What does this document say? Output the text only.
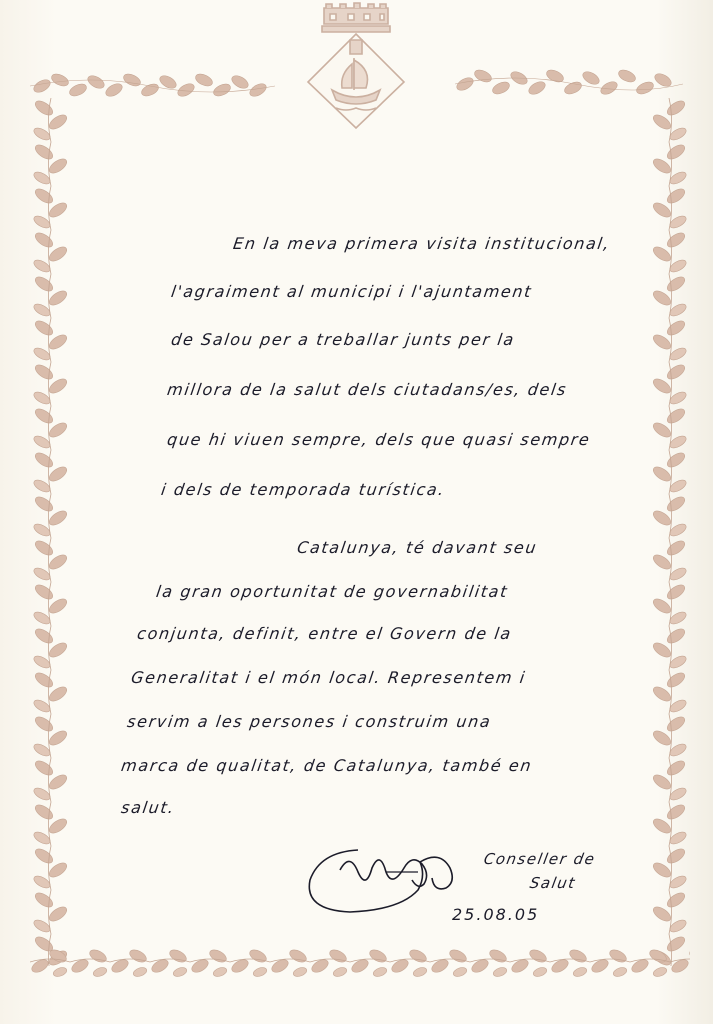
En la meva primera visita institucional,
l'agraiment al municipi i l'ajuntament
de Salou per a treballar junts per la
millora de la salut dels ciutadans/es, dels
que hi viuen sempre, dels que quasi sempre
i dels de temporada turística.
Catalunya, té davant seu
la gran oportunitat de governabilitat
conjunta, definit, entre el Govern de la
Generalitat i el món local. Representem i
servim a les persones i construim una
marca de qualitat, de Catalunya, també en
salut.
Conseller de
Salut
25.08.05
